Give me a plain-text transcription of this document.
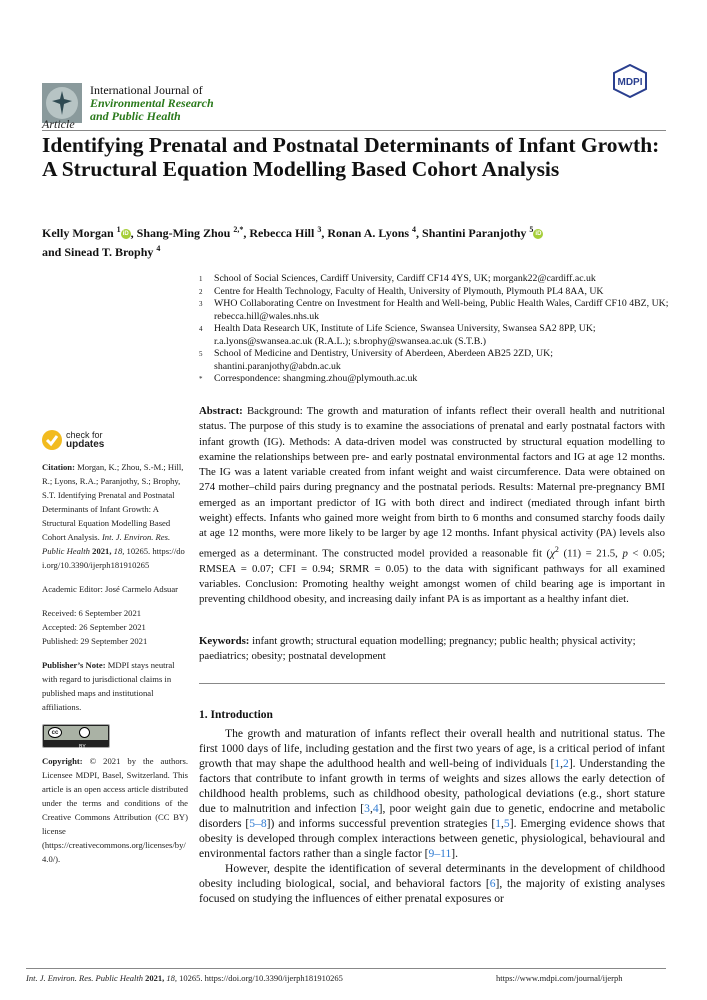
International Journal of
Environmental Research
and Public Health
MDPI
Article
Identifying Prenatal and Postnatal Determinants of Infant Growth: A Structural Equation Modelling Based Cohort Analysis
Kelly Morgan $^1$iD , Shang-Ming Zhou $^{2,*}$, Rebecca Hill $^3$, Ronan A. Lyons $^4$, Shantini Paranjothy $^5$iD
and Sinead T. Brophy $^4$
1	School of Social Sciences, Cardiff University, Cardiff CF14 4YS, UK; morgank22@cardiff.ac.uk
2	Centre for Health Technology, Faculty of Health, University of Plymouth, Plymouth PL4 8AA, UK
3	WHO Collaborating Centre on Investment for Health and Well-being, Public Health Wales, Cardiff CF10 4BZ, UK; rebecca.hill@wales.nhs.uk
4	Health Data Research UK, Institute of Life Science, Swansea University, Swansea SA2 8PP, UK; r.a.lyons@swansea.ac.uk (R.A.L.); s.brophy@swansea.ac.uk (S.T.B.)
5	School of Medicine and Dentistry, University of Aberdeen, Aberdeen AB25 2ZD, UK; shantini.paranjothy@abdn.ac.uk
*	Correspondence: shangming.zhou@plymouth.ac.uk
check for
updates
Citation: Morgan, K.; Zhou, S.-M.; Hill, R.; Lyons, R.A.; Paranjothy, S.; Brophy, S.T. Identifying Prenatal and Postnatal Determinants of Infant Growth: A Structural Equation Modelling Based Cohort Analysis. Int. J. Environ. Res. Public Health 2021, 18, 10265. https://doi.org/10.3390/ijerph181910265
Academic Editor: José Carmelo Adsuar
Received: 6 September 2021
Accepted: 26 September 2021
Published: 29 September 2021
Publisher’s Note: MDPI stays neutral with regard to jurisdictional claims in published maps and institutional affiliations.
cc
BY
Copyright: © 2021 by the authors. Licensee MDPI, Basel, Switzerland. This article is an open access article distributed under the terms and conditions of the Creative Commons Attribution (CC BY) license (https://creativecommons.org/licenses/by/4.0/).
Abstract: Background: The growth and maturation of infants reflect their overall health and nutritional status. The purpose of this study is to examine the associations of prenatal and early postnatal factors with infant growth (IG). Methods: A data-driven model was constructed by structural equation modelling to examine the relationships between pre- and early postnatal environmental factors and IG at age 12 months. The IG was a latent variable created from infant weight and waist circumference. Data were obtained on 274 mother–child pairs during pregnancy and the postnatal periods. Results: Maternal pre-pregnancy BMI emerged as an important predictor of IG with both direct and indirect (mediated through infant birth weight) effects. Infants who gained more weight from birth to 6 months and consumed starchy foods daily at age 12 months, were more likely to be larger by age 12 months. Infant physical activity (PA) levels also emerged as a determinant. The constructed model provided a reasonable fit ($\chi^2$ (11) = 21.5, p < 0.05; RMSEA = 0.07; CFI = 0.94; SRMR = 0.05) to the data with significant pathways for all examined variables. Conclusion: Promoting healthy weight amongst women of child bearing age is important in preventing childhood obesity, and increasing daily infant PA is as important as a healthy infant diet.
Keywords: infant growth; structural equation modelling; pregnancy; public health; physical activity; paediatrics; obesity; postnatal development
1. Introduction

The growth and maturation of infants reflect their overall health and nutritional status. The first 1000 days of life, including gestation and the first two years of age, is a critical period of infant growth that may shape the adulthood health and well-being of individuals [1,2]. Understanding the factors that contribute to infant growth in terms of weights and sizes allows the early detection of childhood health problems, such as childhood obesity, pathological deviations (e.g., short stature due to malnutrition and infection [3,4], poor weight gain due to genetic, endocrine and metabolic disorders [5–8]) and informs successful prevention strategies [1,5]. Emerging evidence shows that obesity is developed through complex interactions between genetic, physiological, behavioural and environmental factors rather than a single factor [9–11].

However, despite the identification of several determinants in the development of childhood obesity including biological, social, and behavioral factors [6], the majority of existing analyses focused on studying the influences of either prenatal exposures or

Int. J. Environ. Res. Public Health 2021, 18, 10265. https://doi.org/10.3390/ijerph181910265	https://www.mdpi.com/journal/ijerph
